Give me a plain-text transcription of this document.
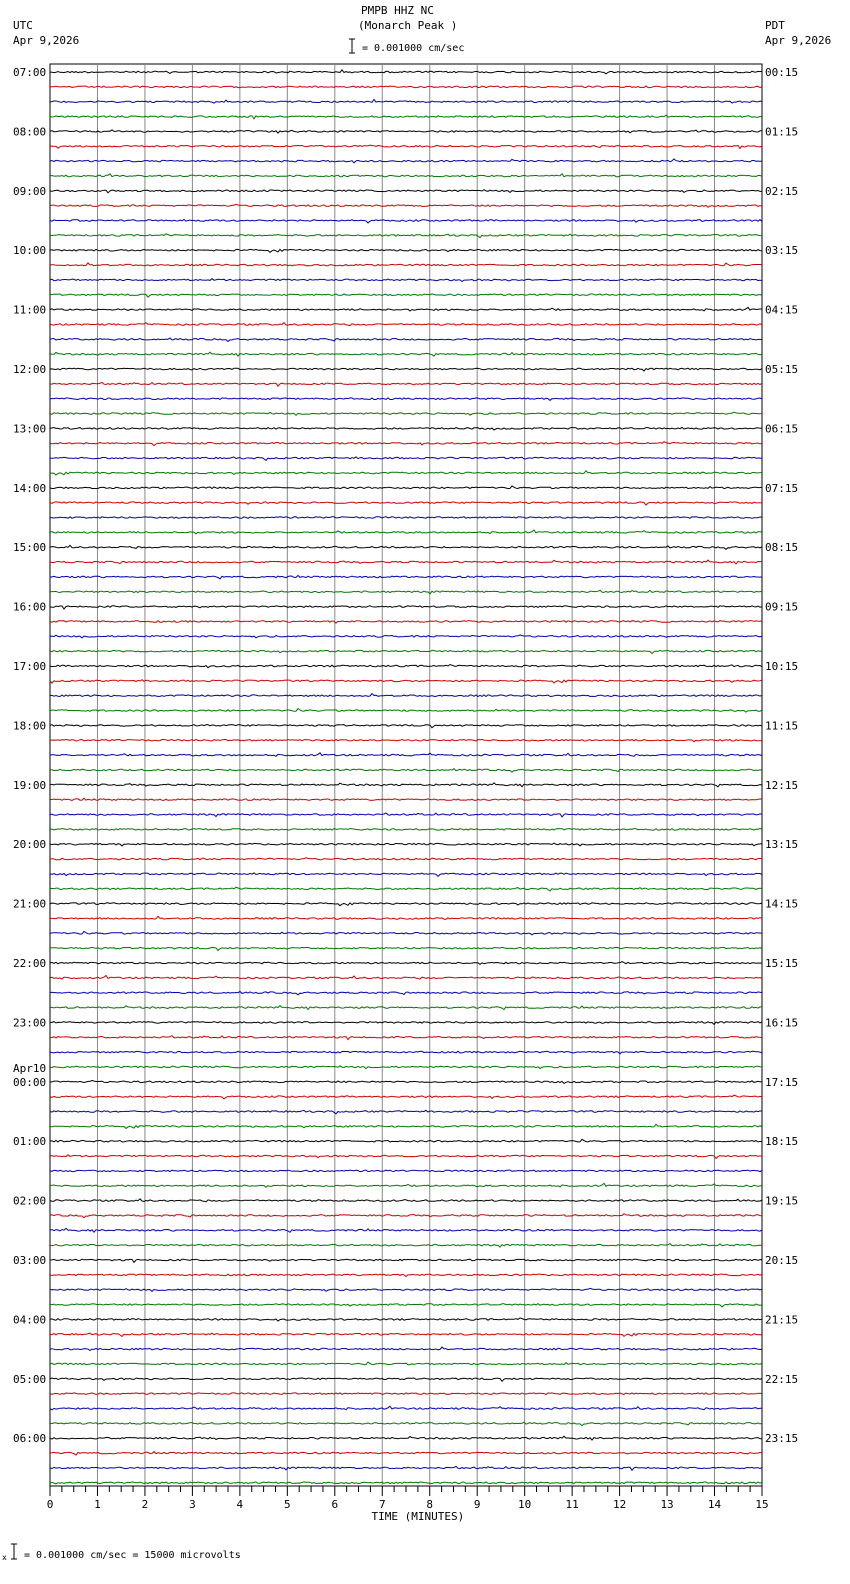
PMPB HHZ NC
(Monarch Peak )
UTC
Apr 9,2026
PDT
Apr 9,2026
= 0.001000 cm/sec
07:00
08:00
09:00
10:00
11:00
12:00
13:00
14:00
15:00
16:00
17:00
18:00
19:00
20:00
21:00
22:00
23:00
00:00
Apr10
01:00
02:00
03:00
04:00
05:00
06:00
00:15
01:15
02:15
03:15
04:15
05:15
06:15
07:15
08:15
09:15
10:15
11:15
12:15
13:15
14:15
15:15
16:15
17:15
18:15
19:15
20:15
21:15
22:15
23:15
0	1	2	3	4	5	6	7	8	9	10	11	12	13	14	15
TIME (MINUTES)
x = 0.001000 cm/sec = 15000 microvolts
